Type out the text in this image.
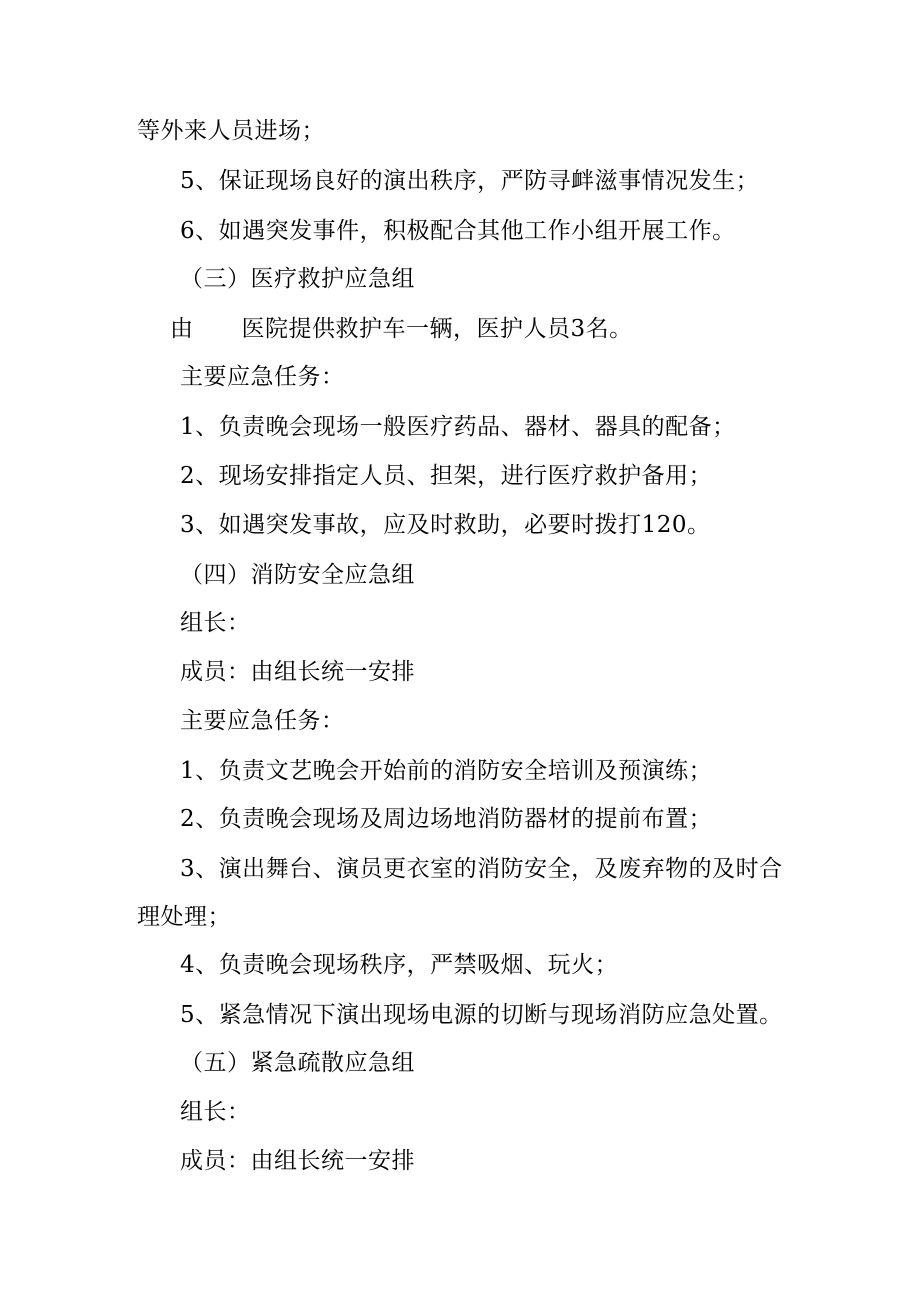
等外来人员进场；
5、保证现场良好的演出秩序，严防寻衅滋事情况发生；
6、如遇突发事件，积极配合其他工作小组开展工作。
（三）医疗救护应急组
由 医院提供救护车一辆，医护人员3名。
主要应急任务：
1、负责晚会现场一般医疗药品、器材、器具的配备；
2、现场安排指定人员、担架，进行医疗救护备用；
3、如遇突发事故，应及时救助，必要时拨打120。
（四）消防安全应急组
组长：
成员：由组长统一安排
主要应急任务：
1、负责文艺晚会开始前的消防安全培训及预演练；
2、负责晚会现场及周边场地消防器材的提前布置；
3、演出舞台、演员更衣室的消防安全，及废弃物的及时合
理处理；
4、负责晚会现场秩序，严禁吸烟、玩火；
5、紧急情况下演出现场电源的切断与现场消防应急处置。
（五）紧急疏散应急组
组长：
成员：由组长统一安排
